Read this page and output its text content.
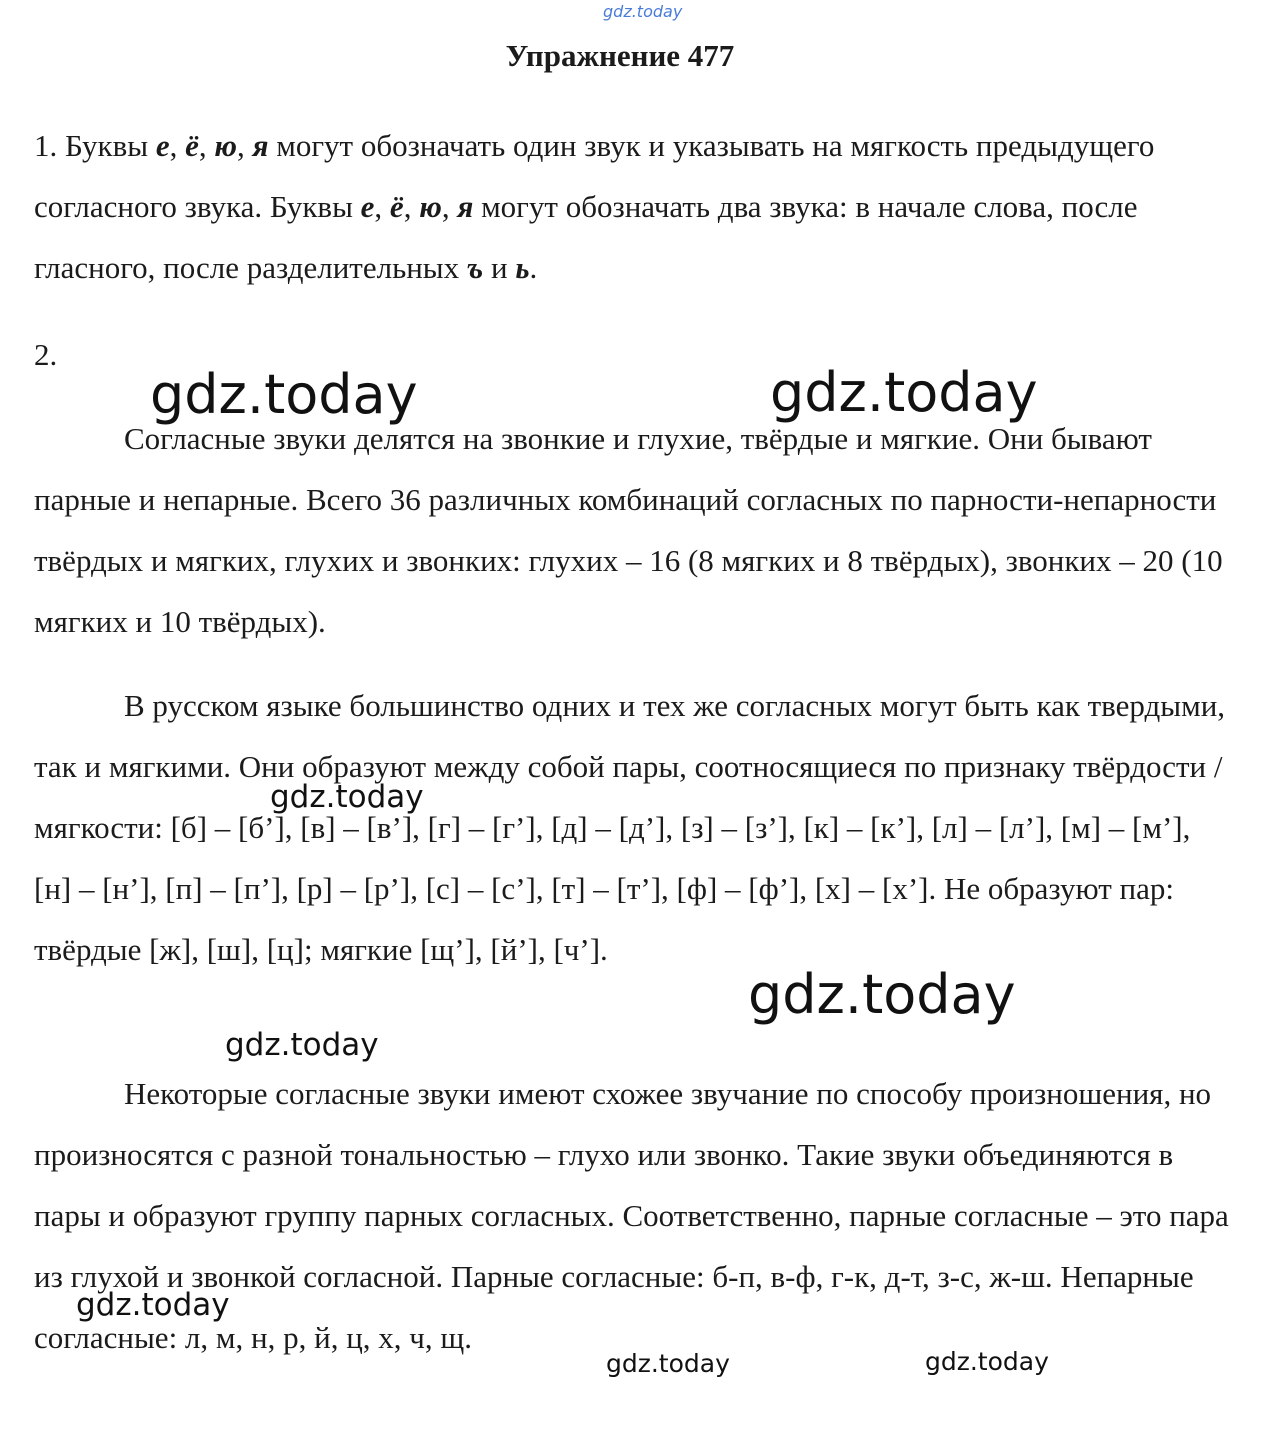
gdz.today
Упражнение 477

1. Буквы е, ё, ю, я могут обозначать один звук и указывать на мягкость предыдущего согласного звука. Буквы е, ё, ю, я могут обозначать два звука: в начале слова, после гласного, после разделительных ъ и ь.

2.

Согласные звуки делятся на звонкие и глухие, твёрдые и мягкие. Они бывают парные и непарные. Всего 36 различных комбинаций согласных по парности-непарности твёрдых и мягких, глухих и звонких: глухих – 16 (8 мягких и 8 твёрдых), звонких – 20 (10 мягких и 10 твёрдых).

В русском языке большинство одних и тех же согласных могут быть как твердыми, так и мягкими. Они образуют между собой пары, соотносящиеся по признаку твёрдости / мягкости: [б] – [б’], [в] – [в’], [г] – [г’], [д] – [д’], [з] – [з’], [к] – [к’], [л] – [л’], [м] – [м’], [н] – [н’], [п] – [п’], [р] – [р’], [с] – [с’], [т] – [т’], [ф] – [ф’], [х] – [х’]. Не образуют пар: твёрдые [ж], [ш], [ц]; мягкие [щ’], [й’], [ч’].

Некоторые согласные звуки имеют схожее звучание по способу произношения, но произносятся с разной тональностью – глухо или звонко. Такие звуки объединяются в пары и образуют группу парных согласных. Соответственно, парные согласные – это пара из глухой и звонкой согласной. Парные согласные: б-п, в-ф, г-к, д-т, з-с, ж-ш. Непарные согласные: л, м, н, р, й, ц, х, ч, щ.

gdz.today	gdz.today
gdz.today
gdz.today
gdz.today
gdz.today
gdz.today	gdz.today
